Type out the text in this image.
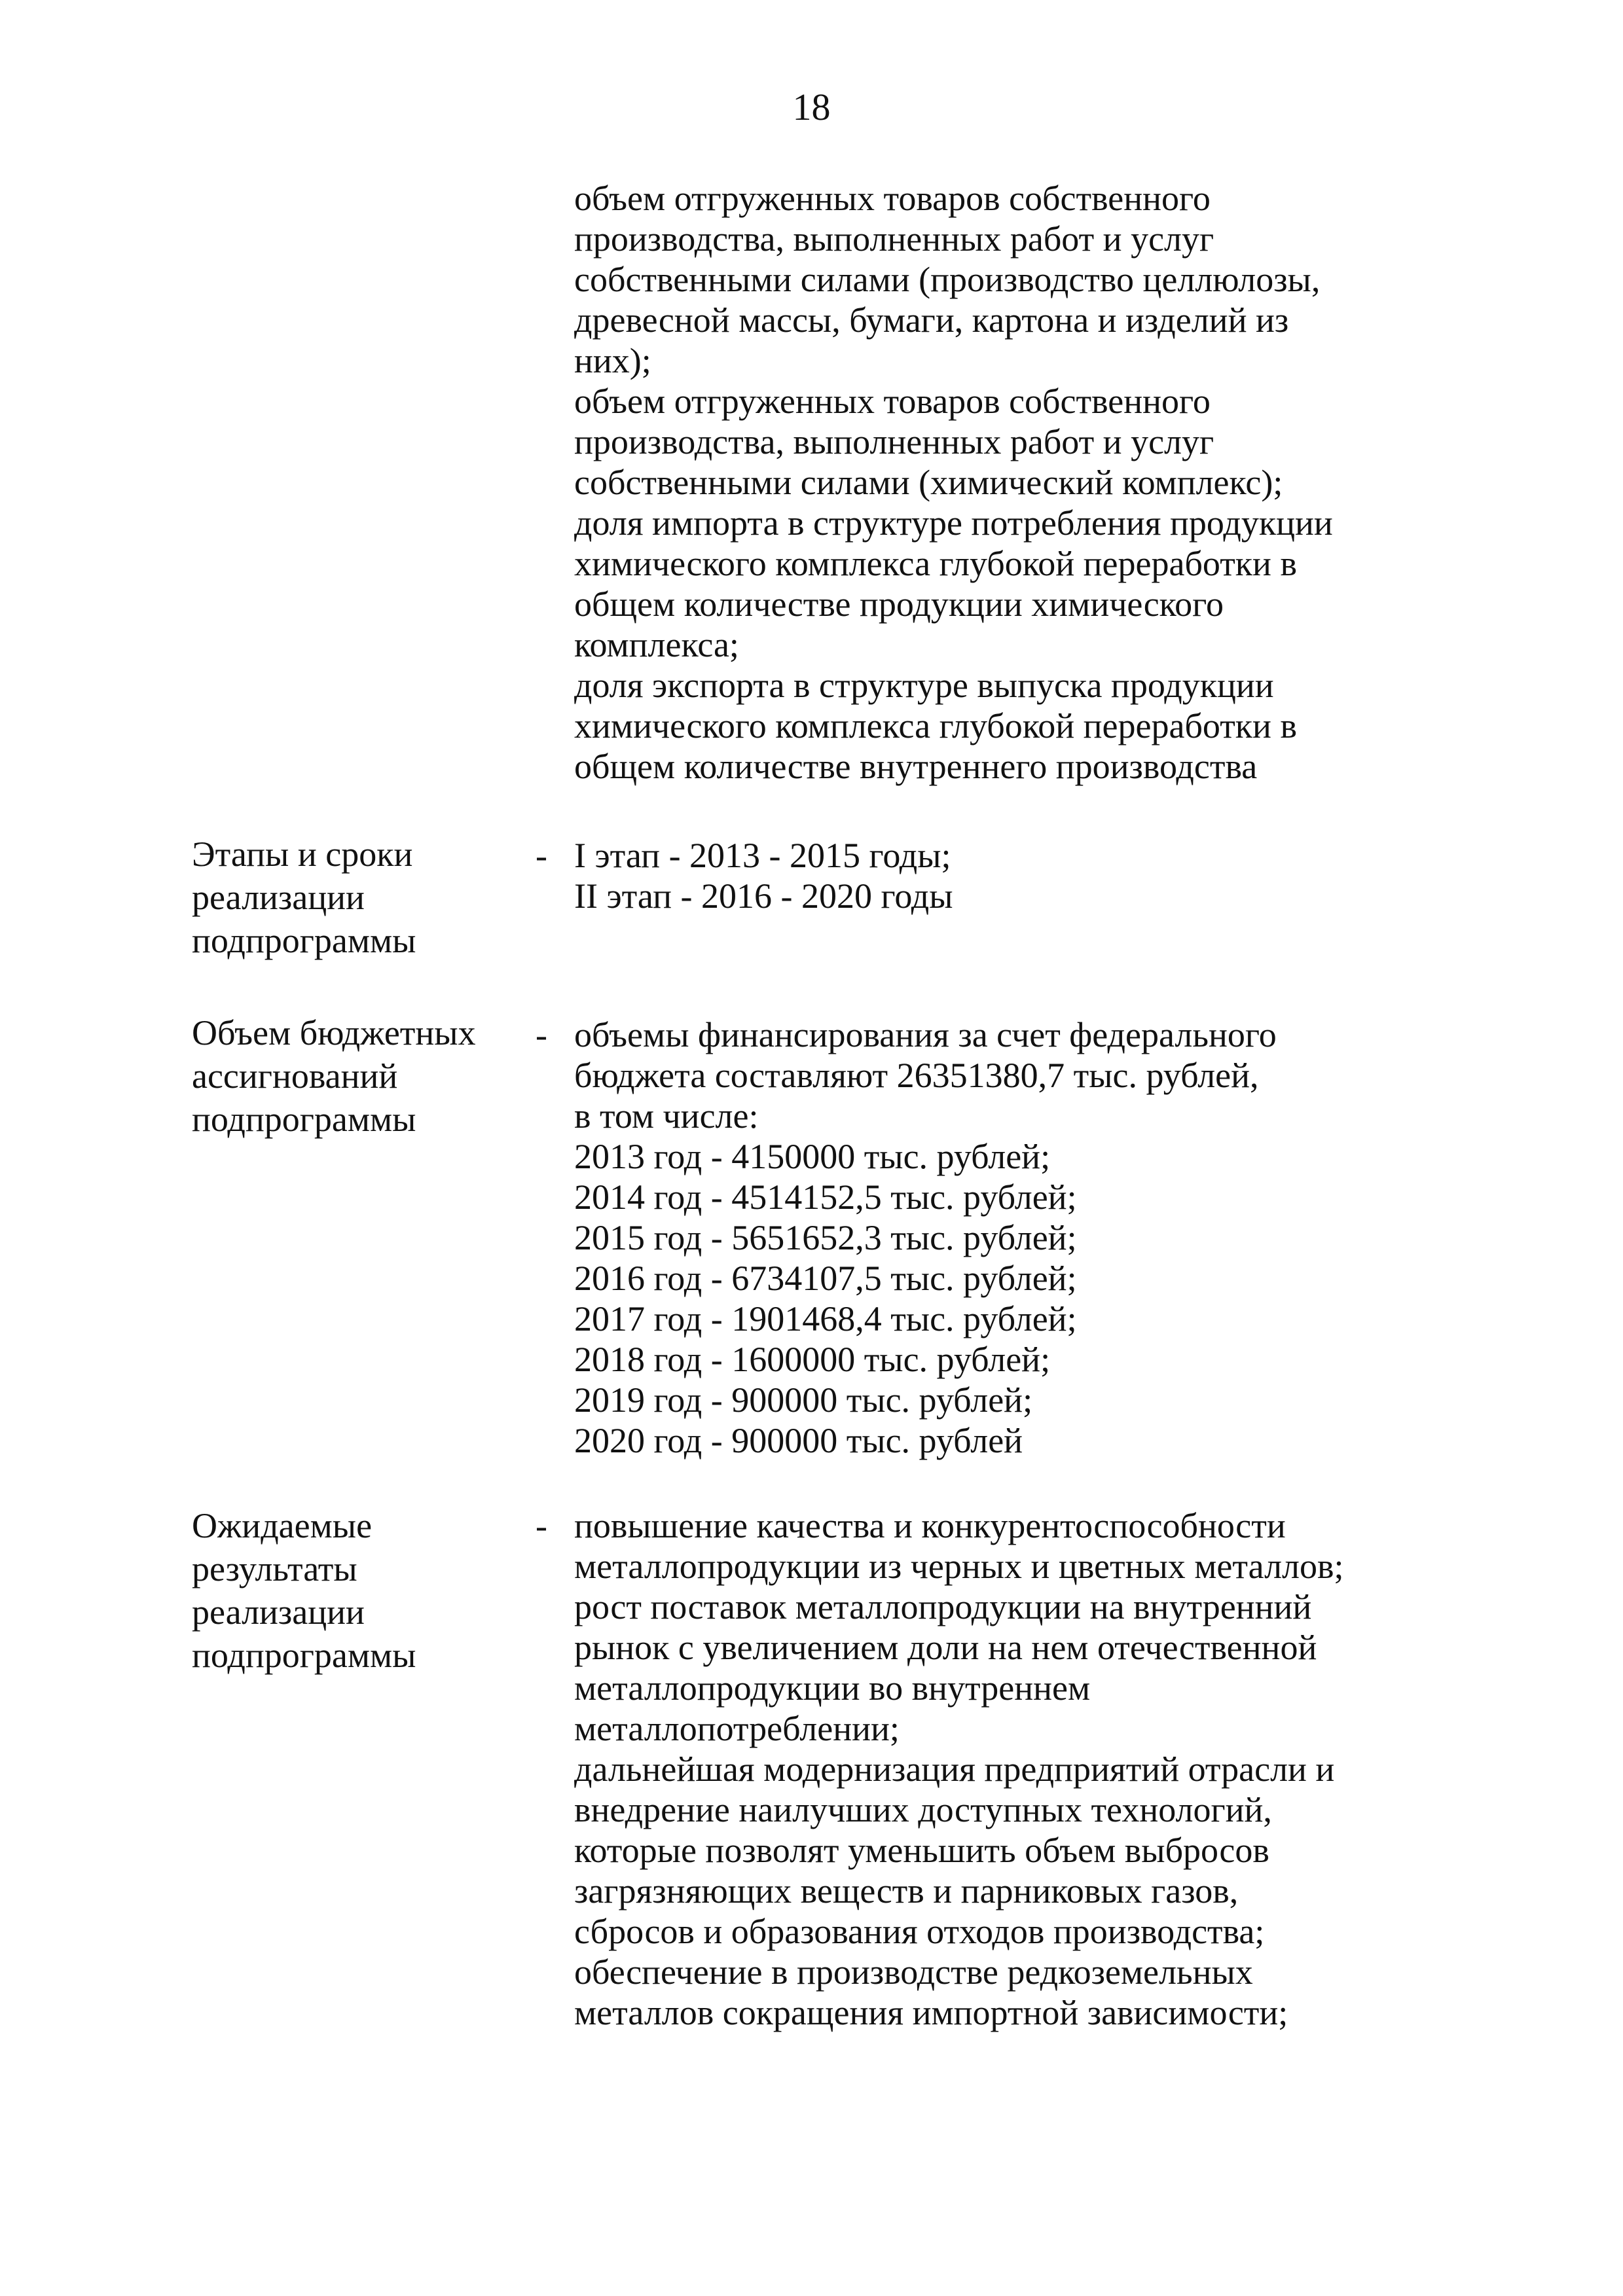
18
объем отгруженных товаров собственного
производства, выполненных работ и услуг
собственными силами (производство целлюлозы,
древесной массы, бумаги, картона и изделий из
них);
объем отгруженных товаров собственного
производства, выполненных работ и услуг
собственными силами (химический комплекс);
доля импорта в структуре потребления продукции
химического комплекса глубокой переработки в
общем количестве продукции химического
комплекса;
доля экспорта в структуре выпуска продукции
химического комплекса глубокой переработки в
общем количестве внутреннего производства
Этапы и сроки
реализации
подпрограммы
- I этап - 2013 - 2015 годы;
II этап - 2016 - 2020 годы
Объем бюджетных
ассигнований
подпрограммы
- объемы финансирования за счет федерального
бюджета составляют 26351380,7 тыс. рублей,
в том числе:
2013 год - 4150000 тыс. рублей;
2014 год - 4514152,5 тыс. рублей;
2015 год - 5651652,3 тыс. рублей;
2016 год - 6734107,5 тыс. рублей;
2017 год - 1901468,4 тыс. рублей;
2018 год - 1600000 тыс. рублей;
2019 год - 900000 тыс. рублей;
2020 год - 900000 тыс. рублей
Ожидаемые
результаты
реализации
подпрограммы
- повышение качества и конкурентоспособности
металлопродукции из черных и цветных металлов;
рост поставок металлопродукции на внутренний
рынок с увеличением доли на нем отечественной
металлопродукции во внутреннем
металлопотреблении;
дальнейшая модернизация предприятий отрасли и
внедрение наилучших доступных технологий,
которые позволят уменьшить объем выбросов
загрязняющих веществ и парниковых газов,
сбросов и образования отходов производства;
обеспечение в производстве редкоземельных
металлов сокращения импортной зависимости;
